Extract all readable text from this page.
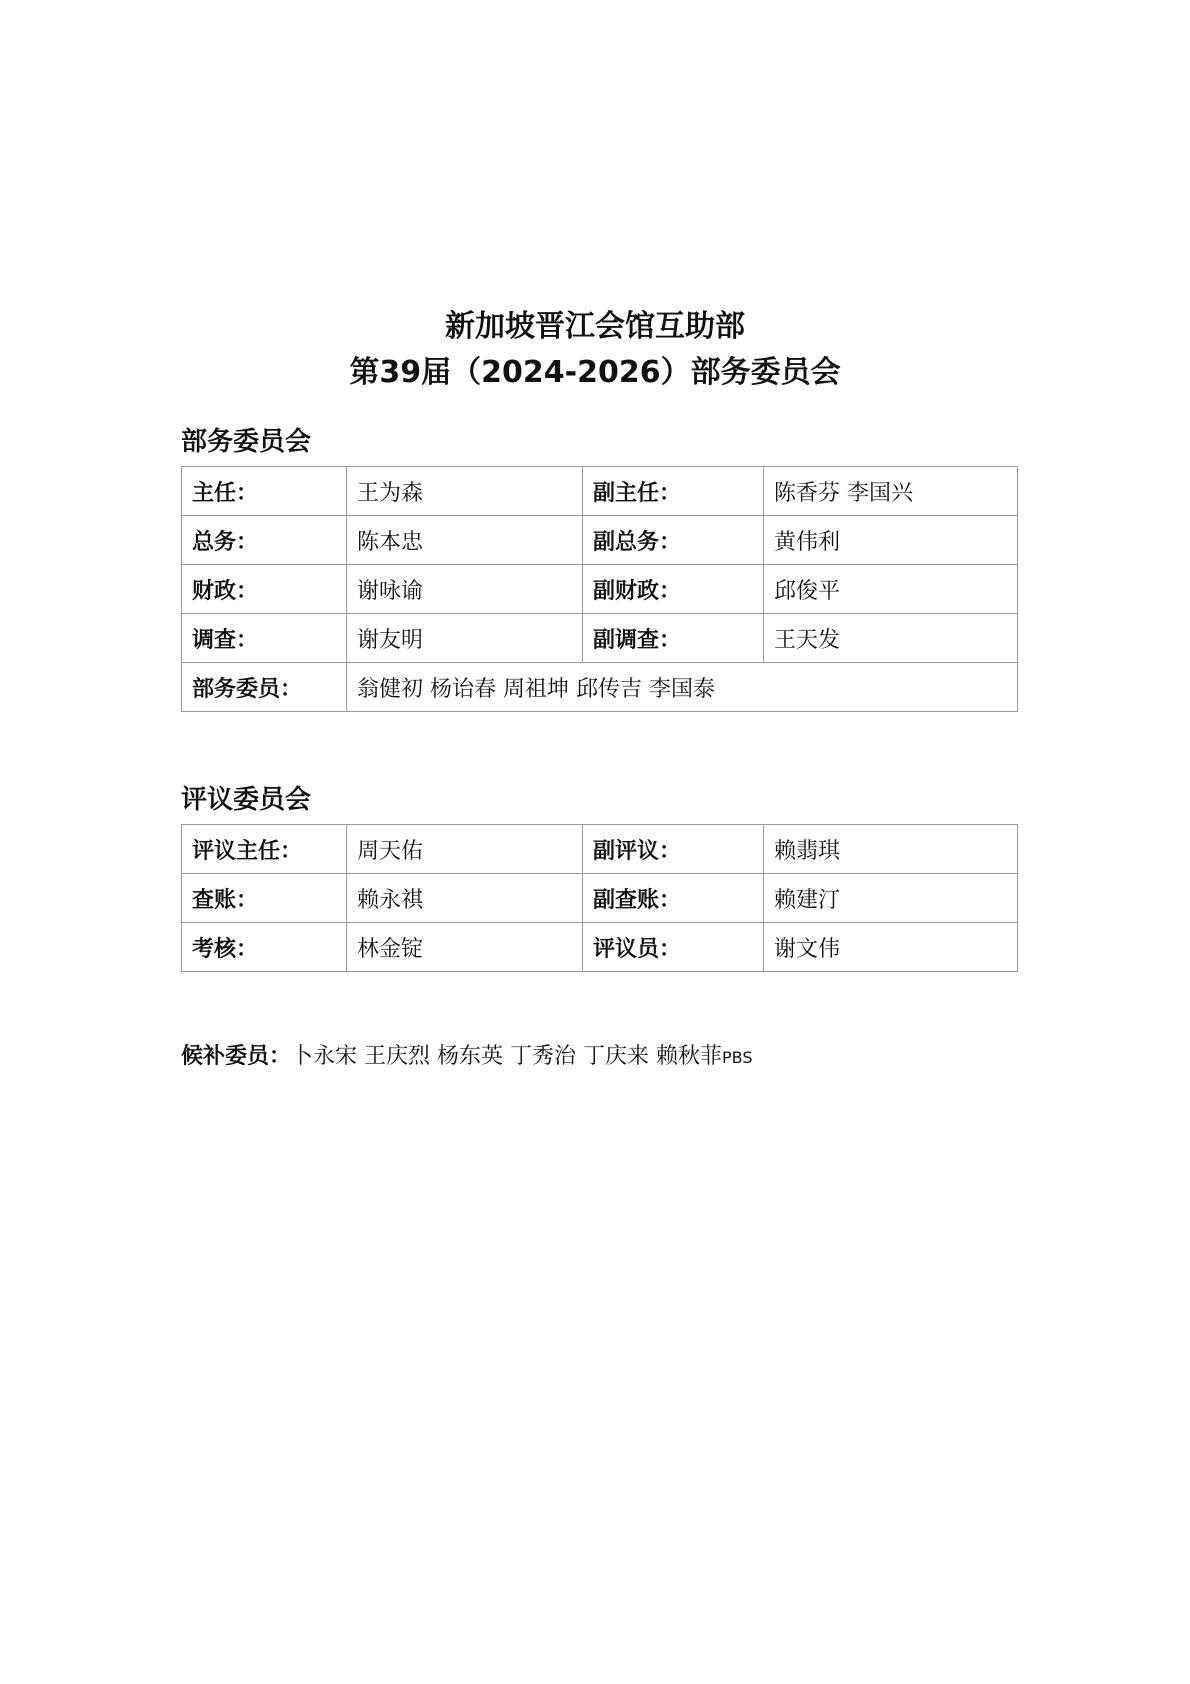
新加坡晋江会馆互助部
第39届（2024-2026）部务委员会
部务委员会
主任：	王为森	副主任：	陈香芬 李国兴
总务：	陈本忠	副总务：	黄伟利
财政：	谢咏谕	副财政：	邱俊平
调查：	谢友明	副调查：	王天发
部务委员：	翁健初 杨诒春 周祖坤 邱传吉 李国泰		
评议委员会
评议主任：	周天佑	副评议：	赖翡琪
查账：	赖永祺	副查账：	赖建汀
考核：	林金锭	评议员：	谢文伟
候补委员：卜永宋 王庆烈 杨东英 丁秀治 丁庆来 赖秋菲PBS
